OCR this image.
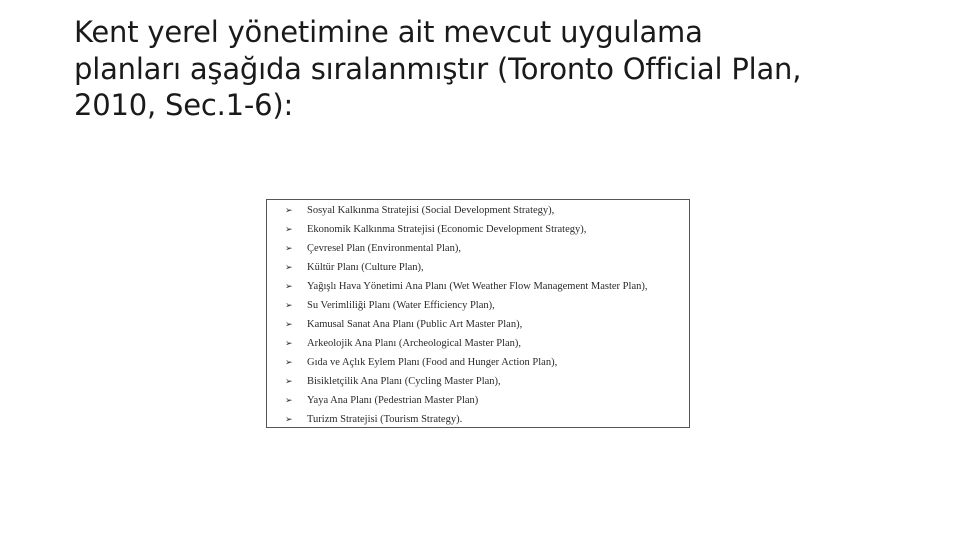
Kent yerel yönetimine ait mevcut uygulama
planları aşağıda sıralanmıştır (Toronto Official Plan,
2010, Sec.1-6):
➢	Sosyal Kalkınma Stratejisi (Social Development Strategy),
➢	Ekonomik Kalkınma Stratejisi (Economic Development Strategy),
➢	Çevresel Plan (Environmental Plan),
➢	Kültür Planı (Culture Plan),
➢	Yağışlı Hava Yönetimi Ana Planı (Wet Weather Flow Management Master Plan),
➢	Su Verimliliği Planı (Water Efficiency Plan),
➢	Kamusal Sanat Ana Planı (Public Art Master Plan),
➢	Arkeolojik Ana Planı (Archeological Master Plan),
➢	Gıda ve Açlık Eylem Planı (Food and Hunger Action Plan),
➢	Bisikletçilik Ana Planı (Cycling Master Plan),
➢	Yaya Ana Planı (Pedestrian Master Plan)
➢	Turizm Stratejisi (Tourism Strategy).
